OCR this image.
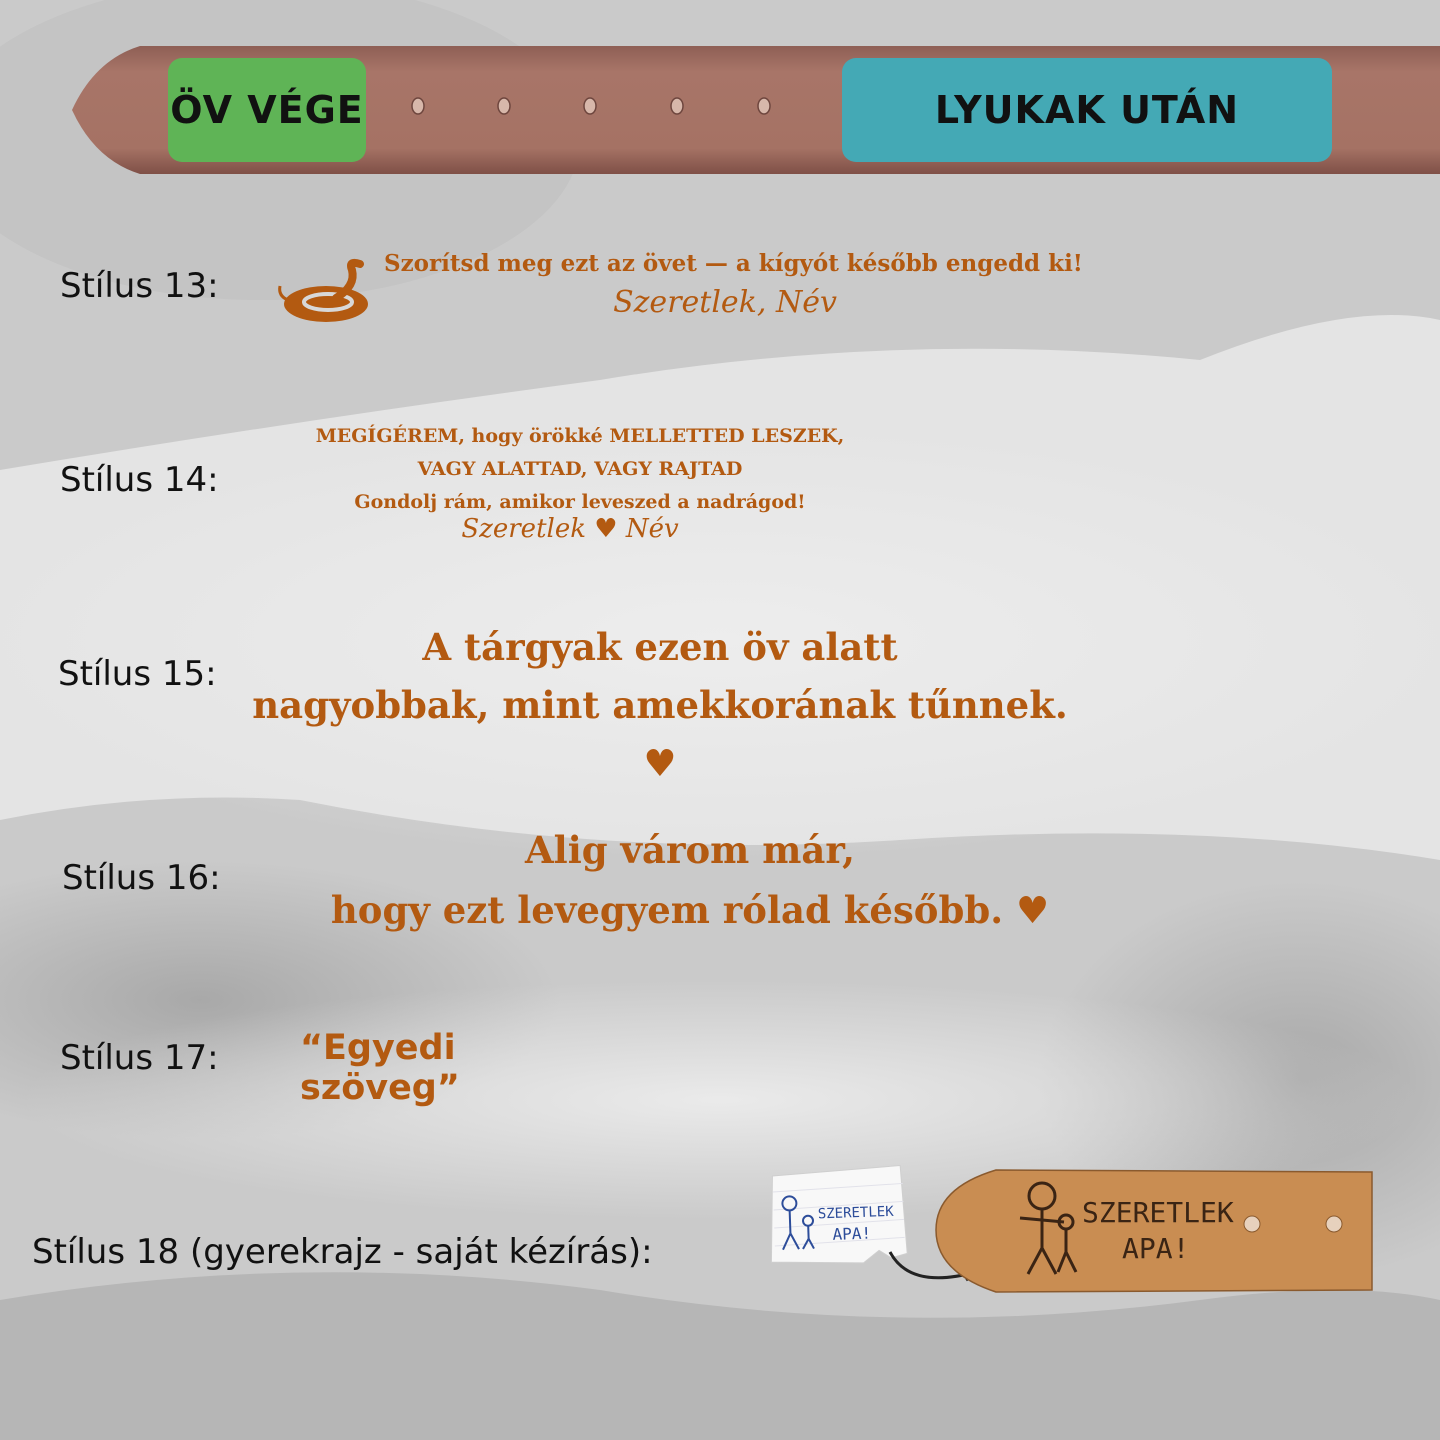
ÖV VÉGE	LYUKAK UTÁN
Stílus 13:
Szorítsd meg ezt az övet — a kígyót később engedd ki!
Szeretlek, Név
Stílus 14:
MEGÍGÉREM, hogy örökké MELLETTED LESZEK,
VAGY ALATTAD, VAGY RAJTAD
Gondolj rám, amikor leveszed a nadrágod!
Szeretlek ♥ Név
Stílus 15:
A tárgyak ezen öv alatt
nagyobbak, mint amekkorának tűnnek. ♥
Stílus 16:
Alig várom már,
hogy ezt levegyem rólad később. ♥
Stílus 17: “Egyedi szöveg”
Stílus 18 (gyerekrajz - saját kézírás):
SZERETLEK
APA!
SZERETLEK
APA!
